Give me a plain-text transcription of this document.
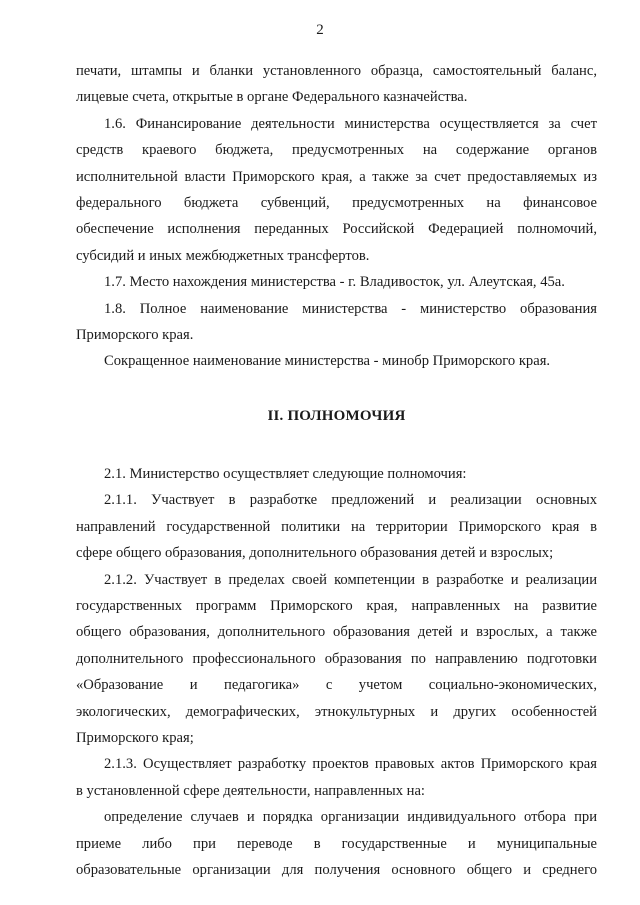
2
печати, штампы и бланки установленного образца, самостоятельный баланс,
лицевые счета, открытые в органе Федерального казначейства.
1.6. Финансирование деятельности министерства осуществляется за счет
средств краевого бюджета, предусмотренных на содержание органов
исполнительной власти Приморского края, а также за счет предоставляемых из
федерального бюджета субвенций, предусмотренных на финансовое
обеспечение исполнения переданных Российской Федерацией полномочий,
субсидий и иных межбюджетных трансфертов.
1.7. Место нахождения министерства - г. Владивосток, ул. Алеутская, 45а.
1.8. Полное наименование министерства - министерство образования
Приморского края.
Сокращенное наименование министерства - минобр Приморского края.
II. ПОЛНОМОЧИЯ
2.1. Министерство осуществляет следующие полномочия:
2.1.1. Участвует в разработке предложений и реализации основных
направлений государственной политики на территории Приморского края в
сфере общего образования, дополнительного образования детей и взрослых;
2.1.2. Участвует в пределах своей компетенции в разработке и реализации
государственных программ Приморского края, направленных на развитие
общего образования, дополнительного образования детей и взрослых, а также
дополнительного профессионального образования по направлению подготовки
«Образование и педагогика» с учетом социально-экономических,
экологических, демографических, этнокультурных и других особенностей
Приморского края;
2.1.3. Осуществляет разработку проектов правовых актов Приморского края
в установленной сфере деятельности, направленных на:
определение случаев и порядка организации индивидуального отбора при
приеме либо при переводе в государственные и муниципальные
образовательные организации для получения основного общего и среднего
